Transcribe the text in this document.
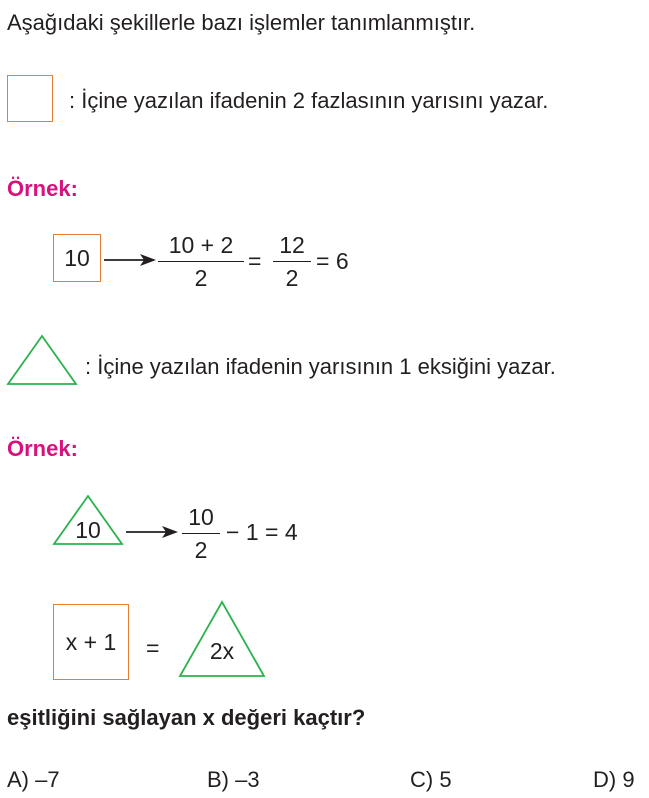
Aşağıdaki şekillerle bazı işlemler tanımlanmıştır.
: İçine yazılan ifadenin 2 fazlasının yarısını yazar.
Örnek:
10	10 + 2
2
=
12
2
= 6
: İçine yazılan ifadenin yarısının 1 eksiğini yazar.
Örnek:
10	10
2
− 1 = 4
x + 1 =	2x
eşitliğini sağlayan x değeri kaçtır?
A) –7	B) –3	C) 5	D) 9
